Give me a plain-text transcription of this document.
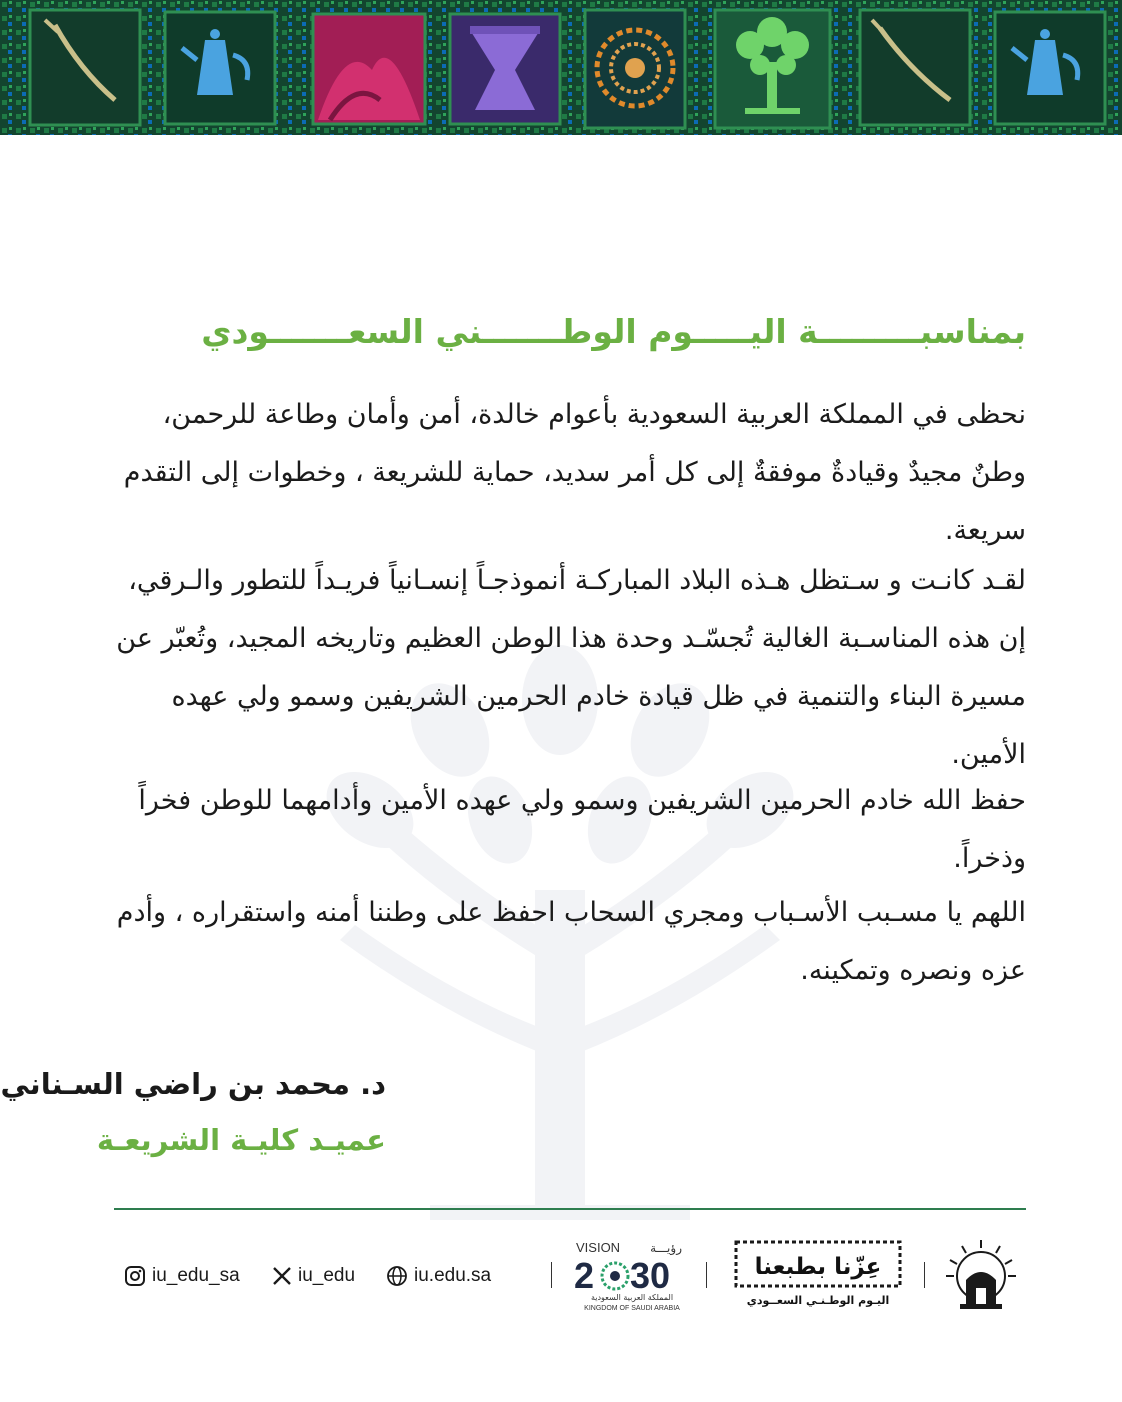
بمناسبـــــــــة اليـــــوم الوطـــــــني السعـــــــودي
نحظى في المملكة العربية السعودية بأعوام خالدة، أمن وأمان وطاعة للرحمن، وطنٌ مجيدٌ وقيادةٌ موفقةٌ إلى كل أمر سديد، حماية للشريعة ، وخطوات إلى التقدم سريعة.
لقـد كانـت و سـتظل هـذه البلاد المباركـة أنموذجـاً إنسـانياً فريـداً للتطور والـرقي، إن هذه المناسـبة الغالية تُجسّـد وحدة هذا الوطن العظيم وتاريخه المجيد، وتُعبّر عن مسيرة البناء والتنمية في ظل قيادة خادم الحرمين الشريفين وسمو ولي عهده الأمين.
حفظ الله خادم الحرمين الشريفين وسمو ولي عهده الأمين وأدامهما للوطن فخراً وذخراً.
اللهم يا مسـبب الأسـباب ومجري السحاب احفظ على وطننا أمنه واستقراره ، وأدم عزه ونصره وتمكينه.
د. محمد بن راضي السـناني
عميـد كليـة الشريعـة
iu_edu_sa	iu_edu	iu.edu.sa
VISION	رؤيـــة
2 30
المملكة العربية السعودية
KINGDOM OF SAUDI ARABIA
عِزّنا بطبعنا
اليـوم الوطـنـي السعــودي
